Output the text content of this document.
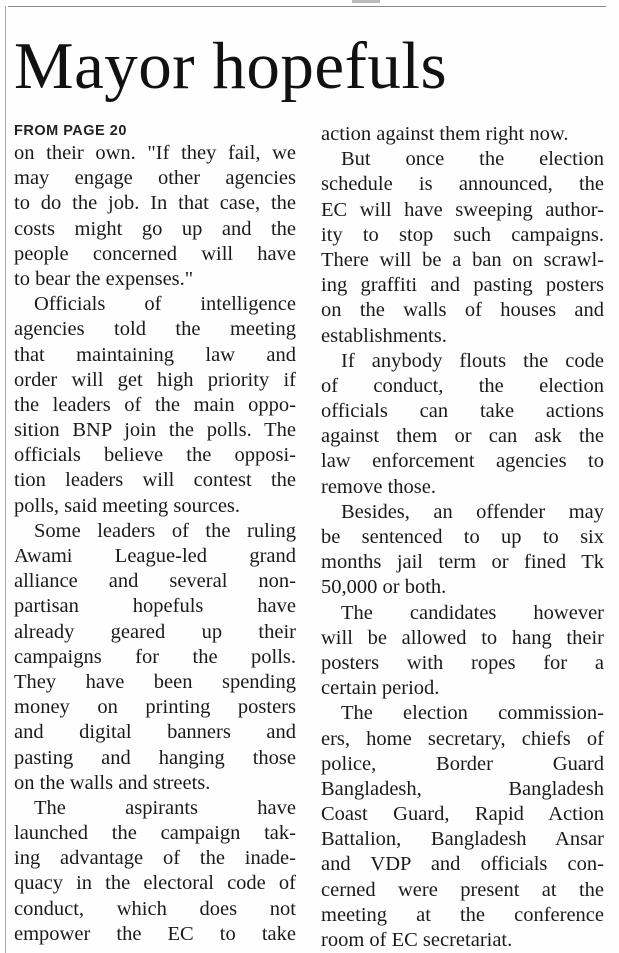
Mayor hopefuls
FROM PAGE 20
on their own. "If they fail, we
may engage other agencies
to do the job. In that case, the
costs might go up and the
people concerned will have
to bear the expenses."
Officials of intelligence
agencies told the meeting
that maintaining law and
order will get high priority if
the leaders of the main oppo-
sition BNP join the polls. The
officials believe the opposi-
tion leaders will contest the
polls, said meeting sources.
Some leaders of the ruling
Awami League-led grand
alliance and several non-
partisan hopefuls have
already geared up their
campaigns for the polls.
They have been spending
money on printing posters
and digital banners and
pasting and hanging those
on the walls and streets.
The aspirants have
launched the campaign tak-
ing advantage of the inade-
quacy in the electoral code of
conduct, which does not
empower the EC to take
action against them right now.
But once the election
schedule is announced, the
EC will have sweeping author-
ity to stop such campaigns.
There will be a ban on scrawl-
ing graffiti and pasting posters
on the walls of houses and
establishments.
If anybody flouts the code
of conduct, the election
officials can take actions
against them or can ask the
law enforcement agencies to
remove those.
Besides, an offender may
be sentenced to up to six
months jail term or fined Tk
50,000 or both.
The candidates however
will be allowed to hang their
posters with ropes for a
certain period.
The election commission-
ers, home secretary, chiefs of
police, Border Guard
Bangladesh, Bangladesh
Coast Guard, Rapid Action
Battalion, Bangladesh Ansar
and VDP and officials con-
cerned were present at the
meeting at the conference
room of EC secretariat.
